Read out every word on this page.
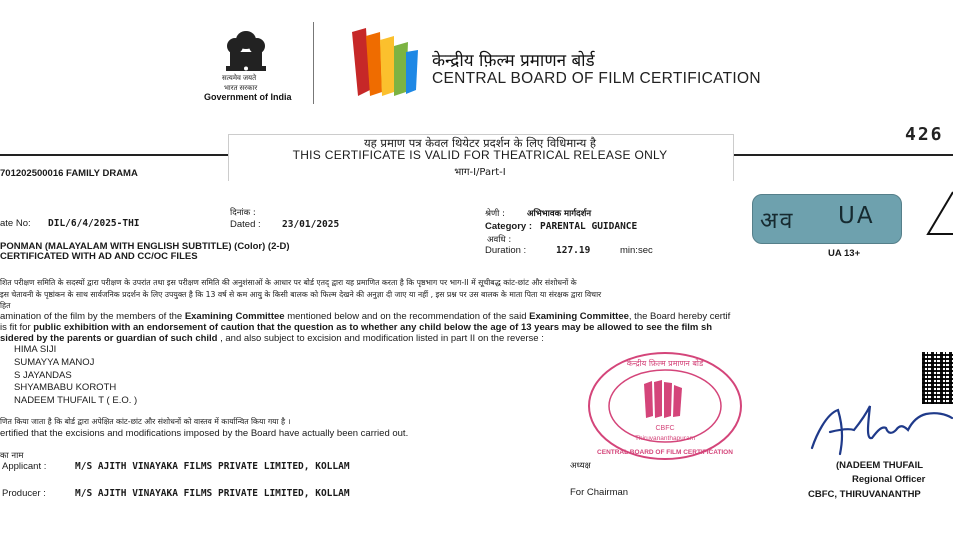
सत्यमेव जयते
भारत सरकार
Government of India
केन्द्रीय फ़िल्म प्रमाणन बोर्ड
CENTRAL BOARD OF FILM CERTIFICATION
यह प्रमाण पत्र केवल थियेटर प्रदर्शन के लिए विधिमान्य है
THIS CERTIFICATE IS VALID FOR THEATRICAL RELEASE ONLY
भाग-I/Part-I
426
701202500016 FAMILY DRAMA
ate No: DIL/6/4/2025-THI
दिनांक :
Dated : 23/01/2025
श्रेणी :	अभिभावक मार्गदर्शन
Category : PARENTAL GUIDANCE
अवधि :
Duration :	127.19	min:sec
PONMAN (MALAYALAM WITH ENGLISH SUBTITLE) (Color) (2-D)
CERTIFICATED WITH AD AND CC/OC FILES
अव UA
UA 13+
शित परीक्षण समिति के सदस्यों द्वारा परीक्षण के उपरांत तथा इस परीक्षण समिति की अनुशंसाओं के आधार पर बोर्ड एतद् द्वारा यह प्रमाणित करता है कि पृष्ठभाग पर भाग-II में सूचीबद्ध कांट-छांट और संशोधनों के
इस चेतावनी के पृष्ठांकन के साथ सार्वजनिक प्रदर्शन के लिए उपयुक्त है कि 13 वर्ष से कम आयु के किसी बालक को फिल्म देखने की अनुज्ञा दी जाए या नहीं , इस प्रश्न पर उस बालक के माता पिता या संरक्षक द्वारा विचार
हित
amination of the film by the members of the Examining Committee mentioned below and on the recommendation of the said Examining Committee, the Board hereby certif
is fit for public exhibition with an endorsement of caution that the question as to whether any child below the age of 13 years may be allowed to see the film sh
sidered by the parents or guardian of such child , and also subject to excision and modification listed in part II on the reverse :
HIMA SIJI
SUMAYYA MANOJ
S JAYANDAS
SHYAMBABU KOROTH
NADEEM THUFAIL T ( E.O. )
णित किया जाता है कि बोर्ड द्वारा अपेक्षित कांट-छांट और संशोधनों को वास्तव में कार्यान्वित किया गया है ।
ertified that the excisions and modifications imposed by the Board have actually been carried out.
का नाम
Applicant :	M/S AJITH VINAYAKA FILMS PRIVATE LIMITED, KOLLAM
Producer :	M/S AJITH VINAYAKA FILMS PRIVATE LIMITED, KOLLAM
अध्यक्ष
For Chairman
(NADEEM THUFAIL
Regional Officer
CBFC, THIRUVANANTHP
CBFC
Thiruvananthapuram
केन्द्रीय फ़िल्म प्रमाणन बोर्ड
CENTRAL BOARD OF FILM CERTIFICATION
